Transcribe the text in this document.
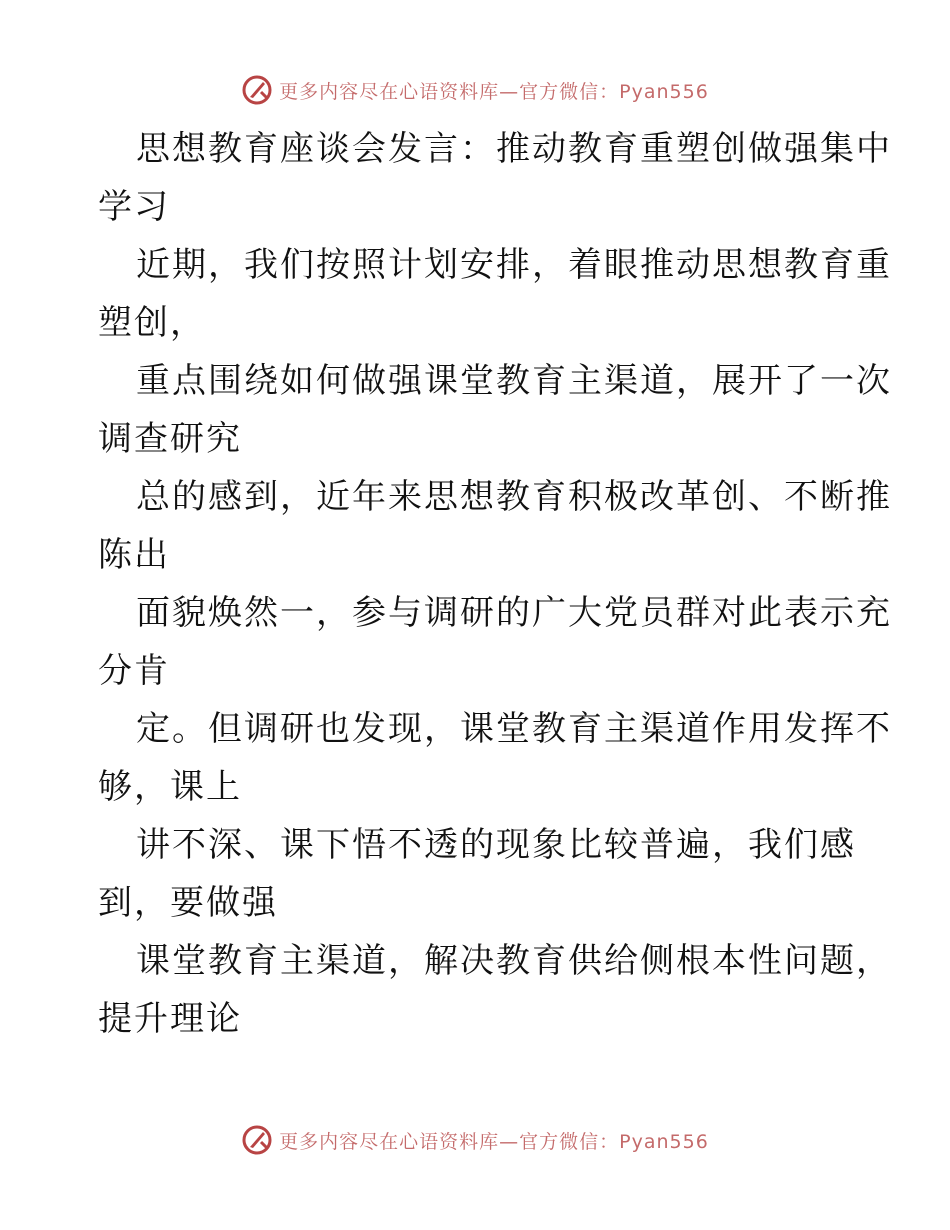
更多内容尽在心语资料库—官方微信：Pyan556
思想教育座谈会发言：推动教育重塑创做强集中
学习
近期，我们按照计划安排，着眼推动思想教育重
塑创，
重点围绕如何做强课堂教育主渠道，展开了一次
调查研究
总的感到，近年来思想教育积极改革创、不断推
陈出
面貌焕然一，参与调研的广大党员群对此表示充
分肯
定。但调研也发现，课堂教育主渠道作用发挥不
够，课上
讲不深、课下悟不透的现象比较普遍，我们感
到，要做强
课堂教育主渠道，解决教育供给侧根本性问题，
提升理论
更多内容尽在心语资料库—官方微信：Pyan556
